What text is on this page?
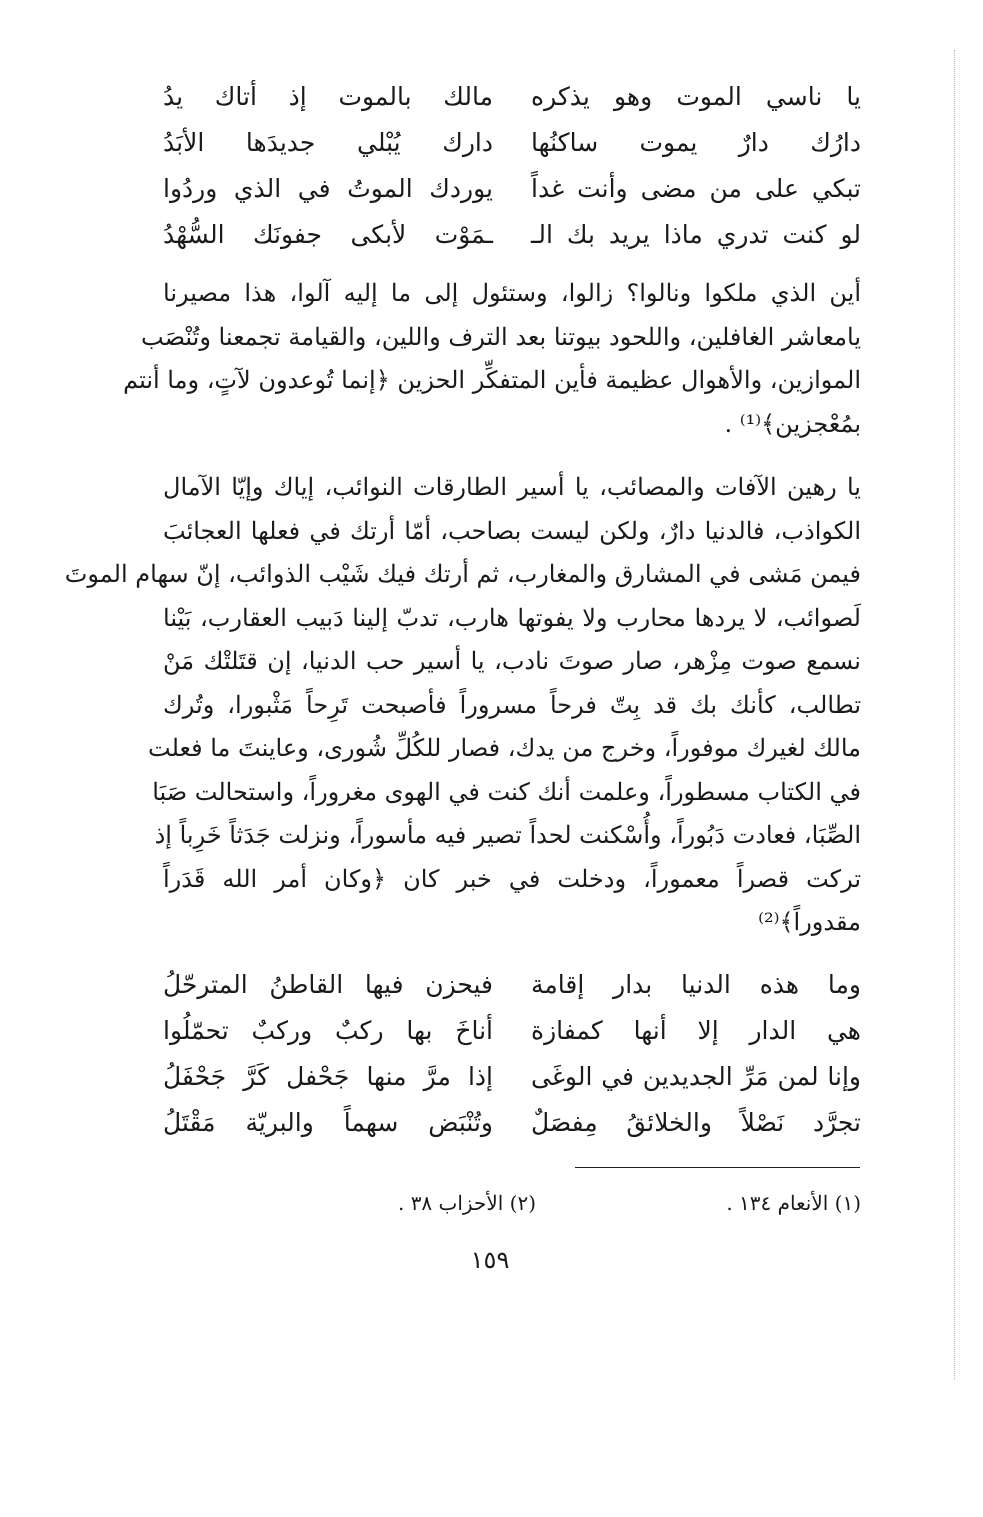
يا ناسي الموت وهو يذكره
مالك بالموت إذ أتاك يدُ
دارُك دارٌ يموت ساكنُها
دارك يُبْلي جديدَها الأبَدُ
تبكي على من مضى وأنت غداً
يوردك الموتُ في الذي وردُوا
لو كنت تدري ماذا يريد بك الـ
ـمَوْت لأبكى جفونَك السُّهْدُ
أين الذي ملكوا ونالوا؟ زالوا، وستئول إلى ما إليه آلوا، هذا مصيرنا
يامعاشر الغافلين، واللحود بيوتنا بعد الترف واللين، والقيامة تجمعنا وتُنْصَب
الموازين، والأهوال عظيمة فأين المتفكِّر الحزين ﴿إنما تُوعدون لآتٍ، وما أنتم
بمُعْجزين﴾⁽¹⁾ .
يا رهين الآفات والمصائب، يا أسير الطارقات النوائب، إياك وإيّا الآمال
الكواذب، فالدنيا دارٌ، ولكن ليست بصاحب، أمّا أرتك في فعلها العجائبَ
فيمن مَشى في المشارق والمغارب، ثم أرتك فيك شَيْب الذوائب، إنّ سهام الموتَ
لَصوائب، لا يردها محارب ولا يفوتها هارب، تدبّ إلينا دَبيب العقارب، بَيْنا
نسمع صوت مِزْهر، صار صوتَ نادب، يا أسير حب الدنيا، إن قتَلتْك مَنْ
تطالب، كأنك بك قد بِتّ فرحاً مسروراً فأصبحت تَرِحاً مَثْبورا، وتُرك
مالك لغيرك موفوراً، وخرج من يدك، فصار للكُلِّ شُورى، وعاينتَ ما فعلت
في الكتاب مسطوراً، وعلمت أنك كنت في الهوى مغروراً، واستحالت صَبَا
الصِّبَا، فعادت دَبُوراً، وأُسْكنت لحداً تصير فيه مأسوراً، ونزلت جَدَثاً خَرِباً إذ
تركت قصراً معموراً، ودخلت في خبر كان ﴿وكان أمر الله قَدَراً
مقدوراً﴾⁽²⁾
وما هذه الدنيا بدار إقامة
فيحزن فيها القاطنُ المترحّلُ
هي الدار إلا أنها كمفازة
أناخَ بها ركبٌ وركبٌ تحمّلُوا
وإنا لمن مَرِّ الجديدين في الوغَى
إذا مرَّ منها جَحْفل كَرَّ جَحْفَلُ
تجرَّد نَصْلاً والخلائقُ مِفصَلٌ
وتُنْبَض سهماً والبريّة مَقْتَلُ
(١) الأنعام ١٣٤ .
(٢) الأحزاب ٣٨ .
١٥٩
